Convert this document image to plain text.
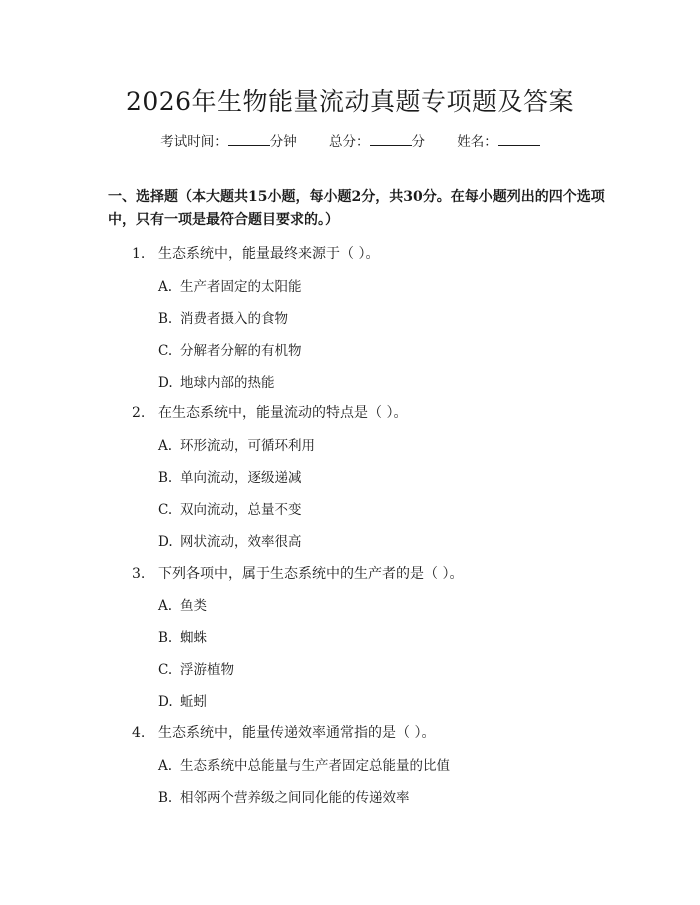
2026年生物能量流动真题专项题及答案
考试时间：	分钟 总分：	分 姓名：
一、选择题（本大题共15小题，每小题2分，共30分。在每小题列出的四个选项中，只有一项是最符合题目要求的。）
1. 生态系统中，能量最终来源于（ ）。
A. 生产者固定的太阳能
B. 消费者摄入的食物
C. 分解者分解的有机物
D. 地球内部的热能
2. 在生态系统中，能量流动的特点是（ ）。
A. 环形流动，可循环利用
B. 单向流动，逐级递减
C. 双向流动，总量不变
D. 网状流动，效率很高
3. 下列各项中，属于生态系统中的生产者的是（ ）。
A. 鱼类
B. 蜘蛛
C. 浮游植物
D. 蚯蚓
4. 生态系统中，能量传递效率通常指的是（ ）。
A. 生态系统中总能量与生产者固定总能量的比值
B. 相邻两个营养级之间同化能的传递效率
